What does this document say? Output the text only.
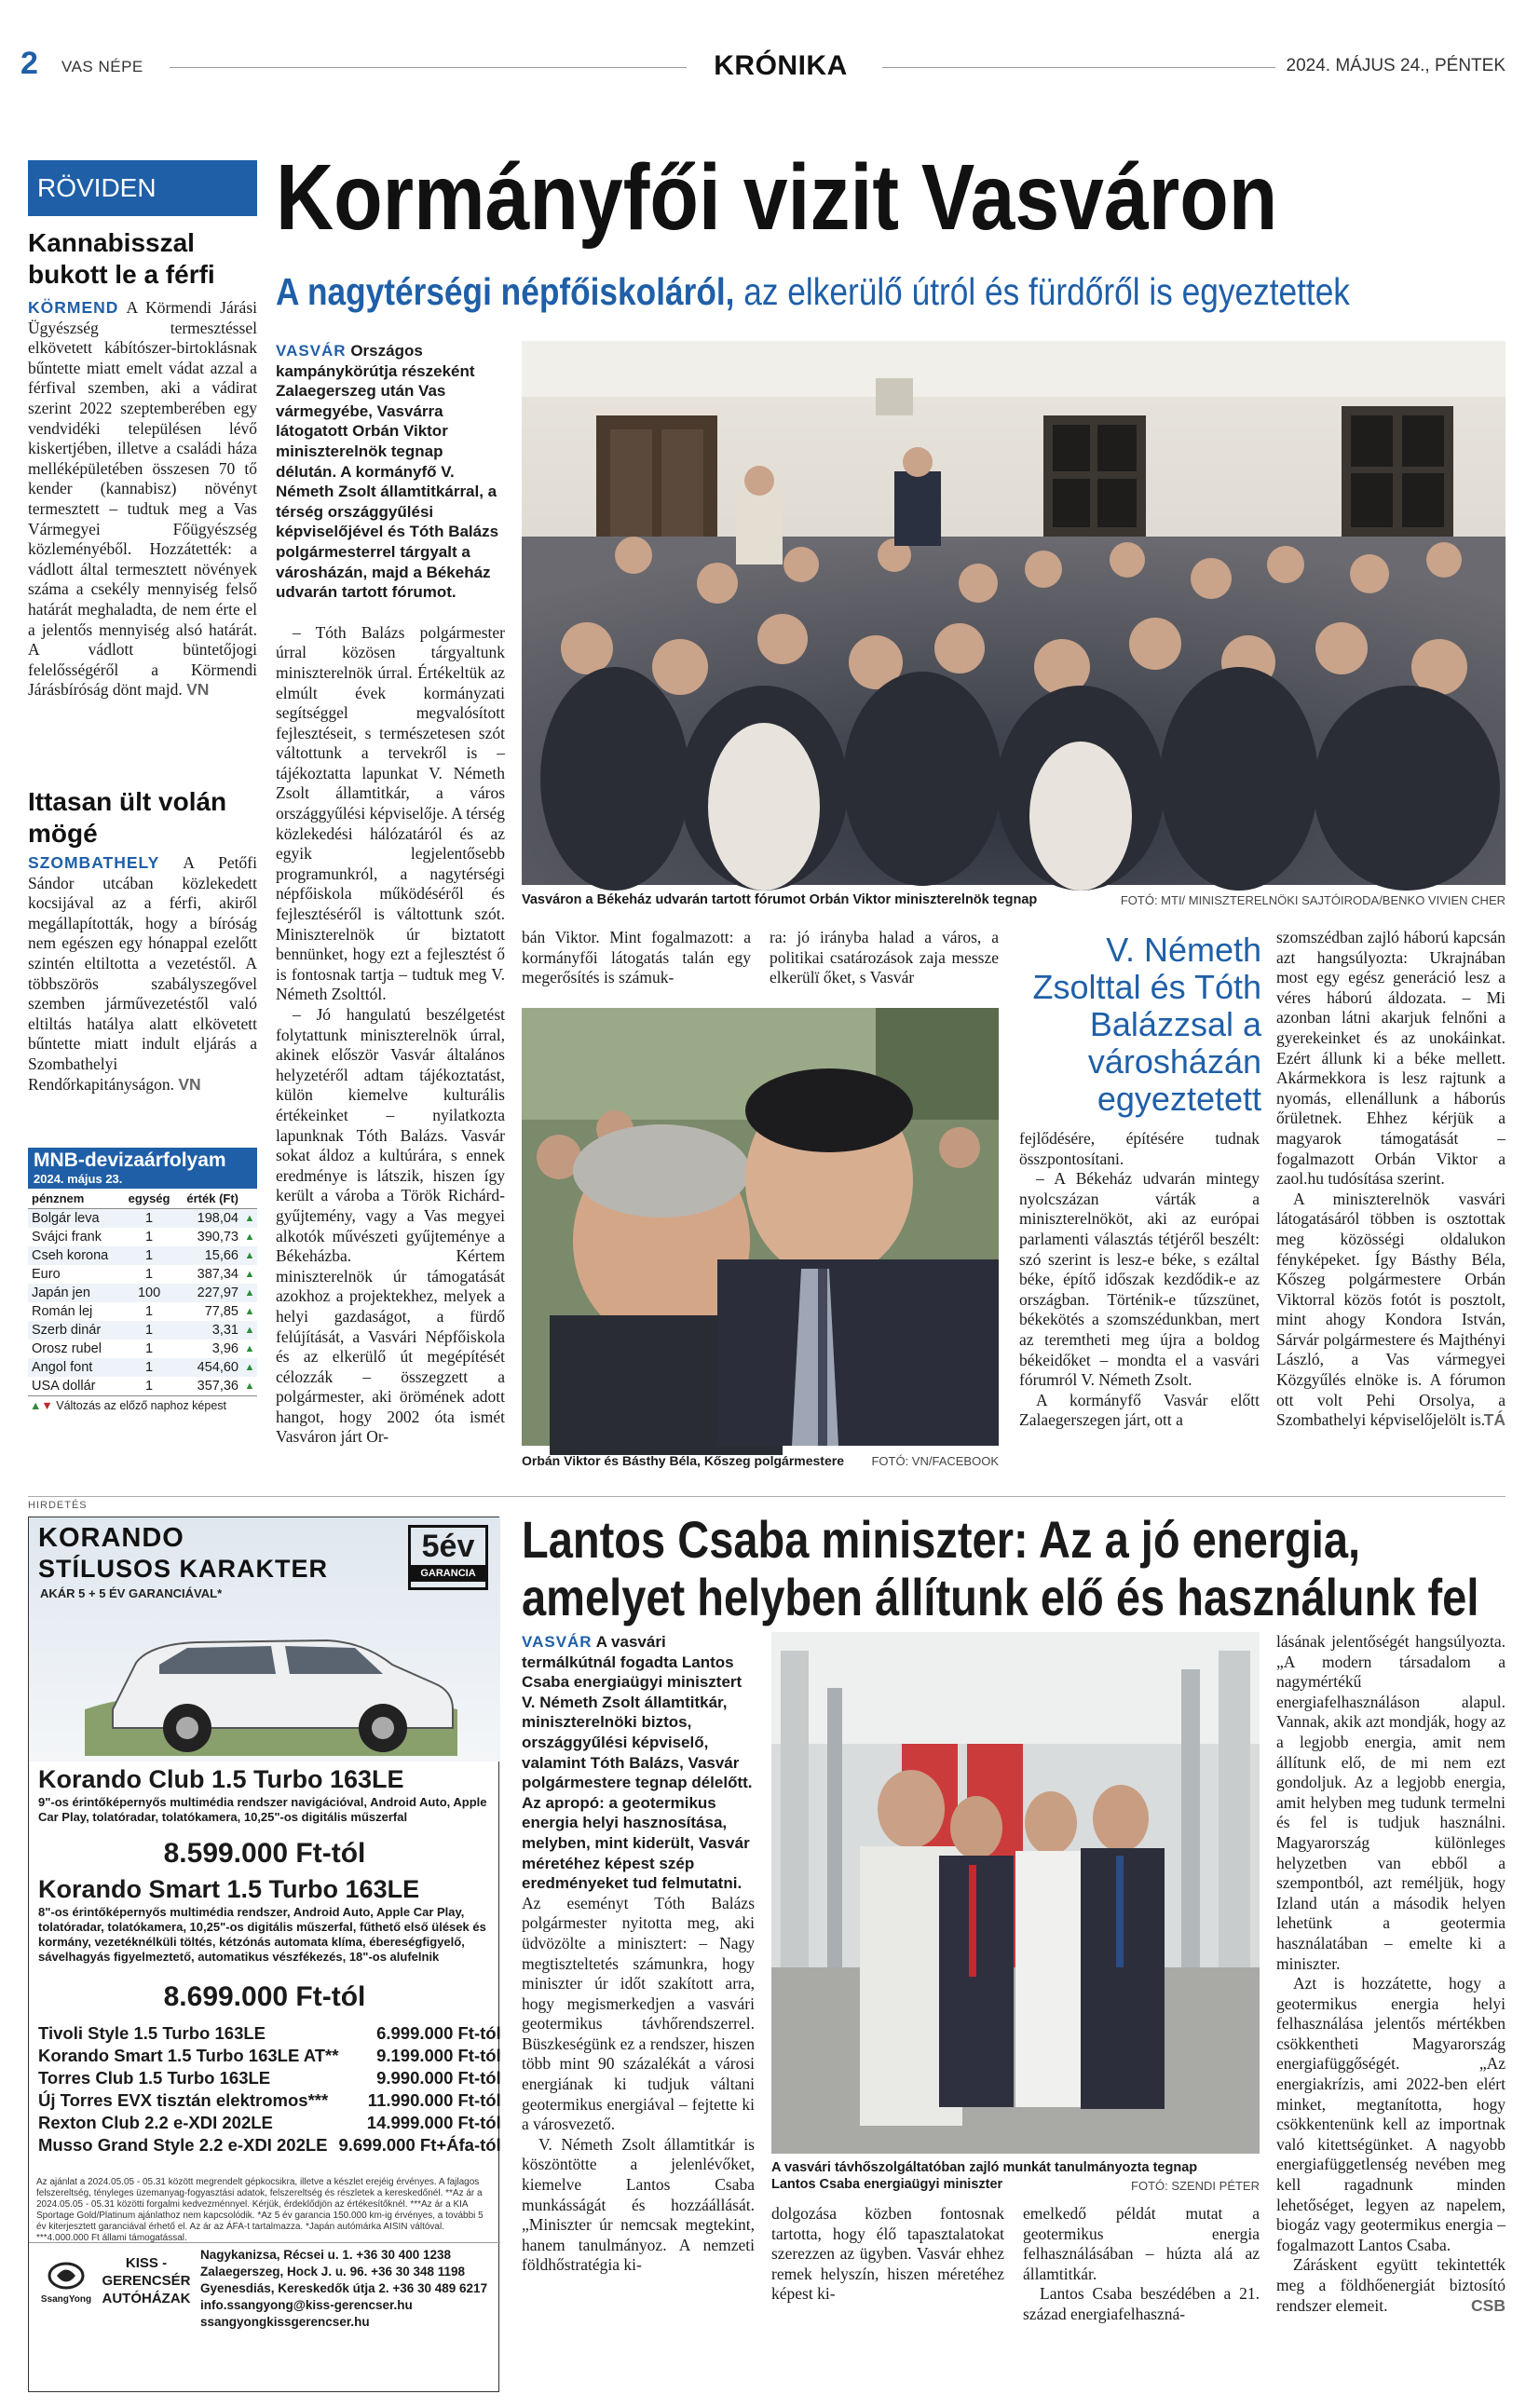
2 VAS NÉPE	KRÓNIKA	2024. MÁJUS 24., PÉNTEK
RÖVIDEN
Kannabisszal bukott le a férfi
KÖRMEND A Körmendi Járási Ügyészség termesztéssel elkövetett kábítószer-birtoklásnak bűntette miatt emelt vádat azzal a férfival szemben, aki a vádirat szerint 2022 szeptemberében egy vendvidéki településen lévő kiskertjében, illetve a családi háza melléképületében összesen 70 tő kender (kannabisz) növényt termesztett – tudtuk meg a Vas Vármegyei Főügyészség közleményéből. Hozzátették: a vádlott által termesztett növények száma a csekély mennyiség felső határát meghaladta, de nem érte el a jelentős mennyiség alsó határát. A vádlott büntetőjogi felelősségéről a Körmendi Járásbíróság dönt majd. VN
Ittasan ült volán mögé
SZOMBATHELY A Petőfi Sándor utcában közlekedett kocsijával az a férfi, akiről megállapították, hogy a bíróság nem egészen egy hónappal ezelőtt szintén eltiltotta a vezetéstől. A többszörös szabályszegővel szemben járművezetéstől való eltiltás hatálya alatt elkövetett bűntette miatt indult eljárás a Szombathelyi Rendőrkapitányságon. VN
MNB-devizaárfolyam
2024. május 23.
pénznem	egység	érték (Ft)	
Bolgár leva	1	198,04	▲
Svájci frank	1	390,73	▲
Cseh korona	1	15,66	▲
Euro	1	387,34	▲
Japán jen	100	227,97	▲
Román lej	1	77,85	▲
Szerb dinár	1	3,31	▲
Orosz rubel	1	3,96	▲
Angol font	1	454,60	▲
USA dollár	1	357,36	▲
▲▼ Változás az előző naphoz képest
Kormányfői vizit Vasváron
A nagytérségi népfőiskoláról, az elkerülő útról és fürdőről is egyeztettek

VASVÁR Országos kampánykörútja részeként Zalaegerszeg után Vas vármegyébe, Vasvárra látogatott Orbán Viktor miniszterelnök tegnap délután. A kormányfő V. Németh Zsolt államtitkárral, a térség országgyűlési képviselőjével és Tóth Balázs polgármesterrel tárgyalt a városházán, majd a Békeház udvarán tartott fórumot.

– Tóth Balázs polgármester úrral közösen tárgyaltunk miniszterelnök úrral. Értékeltük az elmúlt évek kormányzati segítséggel megvalósított fejlesztéseit, s természetesen szót váltottunk a tervekről is – tájékoztatta lapunkat V. Németh Zsolt államtitkár, a város országgyűlési képviselője. A térség közlekedési hálózatáról és az egyik legjelentősebb programunkról, a nagytérségi népfőiskola működéséről és fejlesztéséről is váltottunk szót. Miniszterelnök úr biztatott bennünket, hogy ezt a fejlesztést ő is fontosnak tartja – tudtuk meg V. Németh Zsolttól.

– Jó hangulatú beszélgetést folytattunk miniszterelnök úrral, akinek először Vasvár általános helyzetéről adtam tájékoztatást, külön kiemelve kulturális értékeinket – nyilatkozta lapunknak Tóth Balázs. Vasvár sokat áldoz a kultúrára, s ennek eredménye is látszik, hiszen így került a vároba a Török Richárd-gyűjtemény, vagy a Vas megyei alkotók művészeti gyűjteménye a Békeházba. Kértem miniszterelnök úr támogatását azokhoz a projektekhez, melyek a helyi gazdaságot, a fürdő felújítását, a Vasvári Népfőiskola és az elkerülő út megépítését célozzák – összegzett a polgármester, aki örömének adott hangot, hogy 2002 óta ismét Vasváron járt Or-

Vasváron a Békeház udvarán tartott fórumot Orbán Viktor miniszterelnök tegnap	FOTÓ: MTI/ MINISZTERELNÖKI SAJTÓIRODA/BENKO VIVIEN CHER

bán Viktor. Mint fogalmazott: a kormányfői látogatás talán egy megerősítés is számuk-

ra: jó irányba halad a város, a politikai csatározások zaja messze elkerülï őket, s Vasvár

Orbán Viktor és Básthy Béla, Kőszeg polgármestere FOTÓ: VN/FACEBOOK
V. Németh Zsolttal és Tóth Balázzsal a városházán egyeztetett

fejlődésére, építésére tudnak összpontosítani.

– A Békeház udvarán mintegy nyolcszázan várták a miniszterelnököt, aki az európai parlamenti választás tétjéről beszélt: szó szerint is lesz-e béke, s ezáltal béke, építő időszak kezdődik-e az országban. Történik-e tűzszünet, békekötés a szomszédunkban, mert az teremtheti meg újra a boldog békeidőket – mondta el a vasvári fórumról V. Németh Zsolt.

A kormányfő Vasvár előtt Zalaegerszegen járt, ott a

szomszédban zajló háború kapcsán azt hangsúlyozta: Ukrajnában most egy egész generáció lesz a véres háború áldozata. – Mi azonban látni akarjuk felnőni a gyerekeinket és az unokáinkat. Ezért állunk ki a béke mellett. Akármekkora is lesz rajtunk a nyomás, ellenállunk a háborús őrületnek. Ehhez kérjük a magyarok támogatását – fogalmazott Orbán Viktor a zaol.hu tudósítása szerint.

A miniszterelnök vasvári látogatásáról többen is osztottak meg közösségi oldalukon fényképeket. Így Básthy Béla, Kőszeg polgármestere Orbán Viktorral közös fotót is posztolt, mint ahogy Kondora István, Sárvár polgármestere és Majthényi László, a Vas vármegyei Közgyűlés elnöke is. A fórumon ott volt Pehi Orsolya, a Szombathelyi képviselőjelölt is.

TÁ
HIRDETÉS
KORANDO
STÍLUSOS KARAKTER
AKÁR 5 + 5 ÉV GARANCIÁVAL*
5év
GARANCIA
Korando Club 1.5 Turbo 163LE
9"-os érintőképernyős multimédia rendszer navigációval, Android Auto, Apple Car Play, tolatóradar, tolatókamera, 10,25"-os digitális műszerfal
8.599.000 Ft-tól
Korando Smart 1.5 Turbo 163LE
8"-os érintőképernyős multimédia rendszer, Android Auto, Apple Car Play, tolatóradar, tolatókamera, 10,25"-os digitális műszerfal, fűthető első ülések és kormány, vezetéknélküli töltés, kétzónás automata klíma, ébereségfigyelő, sávelhagyás figyelmeztető, automatikus vészfékezés, 18"-os alufelnik
8.699.000 Ft-tól
Tivoli Style 1.5 Turbo 163LE	6.999.000 Ft-tól
Korando Smart 1.5 Turbo 163LE AT**	9.199.000 Ft-tól
Torres Club 1.5 Turbo 163LE	9.990.000 Ft-tól
Új Torres EVX tisztán elektromos***	11.990.000 Ft-tól
Rexton Club 2.2 e-XDI 202LE	14.999.000 Ft-tól
Musso Grand Style 2.2 e-XDI 202LE	9.699.000 Ft+Áfa-tól
Az ajánlat a 2024.05.05 - 05.31 között megrendelt gépkocsikra, illetve a készlet erejéig érvényes. A fajlagos felszereltség, tényleges üzemanyag-fogyasztási adatok, felszereltség és részletek a kereskedőnél. **Az ár a 2024.05.05 - 05.31 közötti forgalmi kedvezménnyel. Kérjük, érdeklődjön az értékesítőknél. ***Az ár a KIA Sportage Gold/Platinum ajánlathoz nem kapcsolódik. *Az 5 év garancia 150.000 km-ig érvényes, a további 5 év kiterjesztett garanciával érhető el. Az ár az ÁFA-t tartalmazza. *Japán autómárka AISIN váltóval. ***4.000.000 Ft állami támogatással.
SsangYong
KISS - GERENCSÉR AUTÓHÁZAK
Nagykanizsa, Récsei u. 1. +36 30 400 1238
Zalaegerszeg, Hock J. u. 96. +36 30 348 1198
Gyenesdiás, Kereskedők útja 2. +36 30 489 6217
info.ssangyong@kiss-gerencser.hu
ssangyongkissgerencser.hu
Lantos Csaba miniszter: Az a jó energia,
amelyet helyben állítunk elő és használunk fel

VASVÁR A vasvári termálkútnál fogadta Lantos Csaba energiaügyi minisztert V. Németh Zsolt államtitkár, miniszterelnöki biztos, országgyűlési képviselő, valamint Tóth Balázs, Vasvár polgármestere tegnap délelőtt. Az apropó: a geotermikus energia helyi hasznosítása, melyben, mint kiderült, Vasvár méretéhez képest szép eredményeket tud felmutatni.

Az eseményt Tóth Balázs polgármester nyitotta meg, aki üdvözölte a minisztert: – Nagy megtiszteltetés számunkra, hogy miniszter úr időt szakított arra, hogy megismerkedjen a vasvári geotermikus távhőrendszerrel. Büszkeségünk ez a rendszer, hiszen több mint 90 százalékát a városi energiának ki tudjuk váltani geotermikus energiával – fejtette ki a városvezető.

V. Németh Zsolt államtitkár is köszöntötte a jelenlévőket, kiemelve Lantos Csaba munkásságát és hozzáállását. „Miniszter úr nemcsak megtekint, hanem tanulmányoz. A nemzeti földhőstratégia ki-

A vasvári távhőszolgáltatóban zajló munkát tanulmányozta tegnap
Lantos Csaba energiaügyi miniszter	FOTÓ: SZENDI PÉTER

dolgozása közben fontosnak tartotta, hogy élő tapasztalatokat szerezzen az ügyben. Vasvár ehhez remek helyszín, hiszen méretéhez képest ki-

emelkedő példát mutat a geotermikus energia felhasználásában – húzta alá az államtitkár.

Lantos Csaba beszédében a 21. század energiafelhaszná-

lásának jelentőségét hangsúlyozta. „A modern társadalom a nagymértékű energiafelhasználáson alapul. Vannak, akik azt mondják, hogy az a legjobb energia, amit nem állítunk elő, de mi nem ezt gondoljuk. Az a legjobb energia, amit helyben meg tudunk termelni és fel is tudjuk használni. Magyarország különleges helyzetben van ebből a szempontból, azt remélјük, hogy Izland után a második helyen lehetünk a geotermia használatában – emelte ki a miniszter.

Azt is hozzátette, hogy a geotermikus energia helyi felhasználása jelentős mértékben csökkentheti Magyarország energiafüggőségét. „Az energiakrízis, ami 2022-ben elért minket, megtanította, hogy csökkentenünk kell az importnak való kitettségünket. A nagyobb energiafüggetlenség nevében meg kell ragadnunk minden lehetőséget, legyen az napelem, biogáz vagy geotermikus energia – fogalmazott Lantos Csaba.

Záráskent együtt tekintették meg a földhőenergiát biztosító rendszer elemeit.	CSB
